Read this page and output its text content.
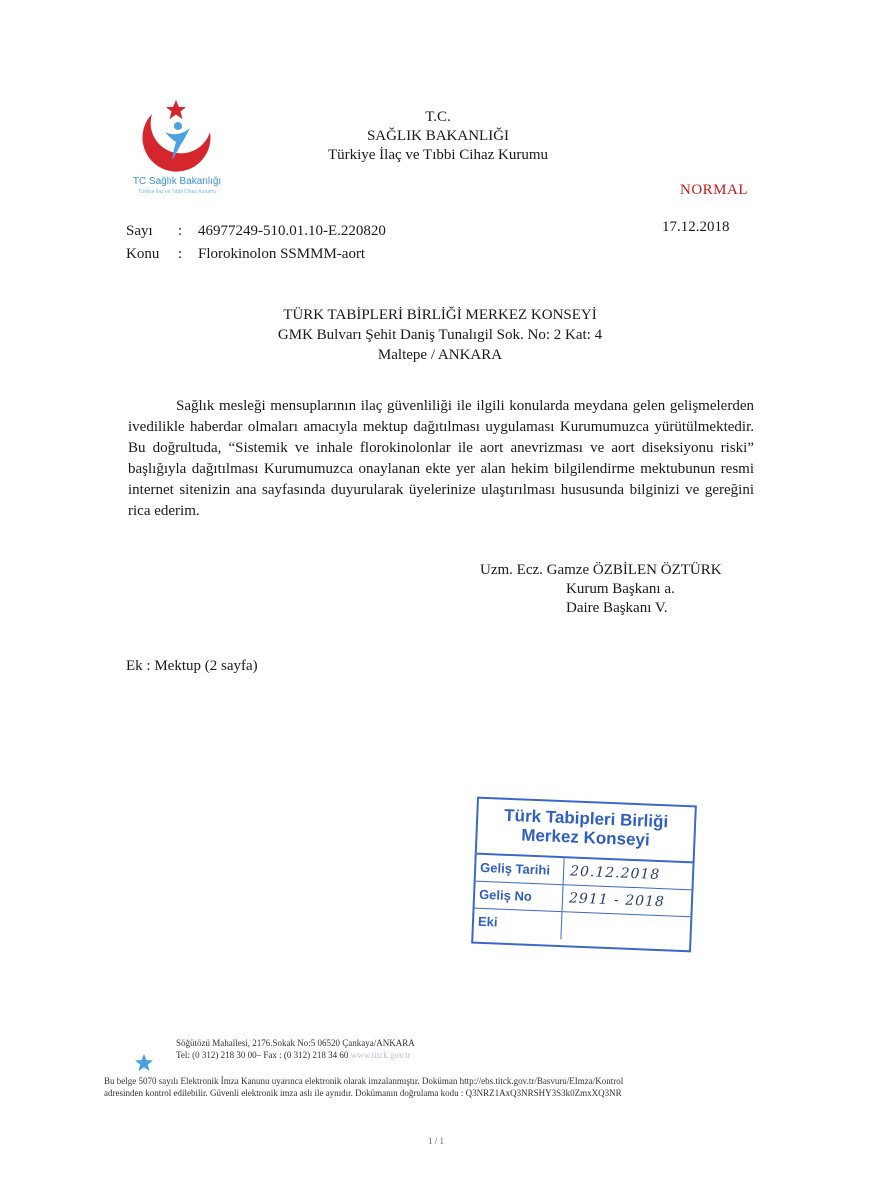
TC Sağlık Bakanlığı
Türkiye İlaç ve Tıbbi Cihaz Kurumu
T.C.
SAĞLIK BAKANLIĞI
Türkiye İlaç ve Tıbbi Cihaz Kurumu
NORMAL
Sayı : 46977249-510.01.10-E.220820	17.12.2018
Konu : Florokinolon SSMMM-aort
TÜRK TABİPLERİ BİRLİĞİ MERKEZ KONSEYİ
GMK Bulvarı Şehit Daniş Tunalıgil Sok. No: 2 Kat: 4
Maltepe / ANKARA
Sağlık mesleği mensuplarının ilaç güvenliliği ile ilgili konularda meydana gelen gelişmelerden ivedilikle haberdar olmaları amacıyla mektup dağıtılması uygulaması Kurumumuzca yürütülmektedir. Bu doğrultuda, “Sistemik ve inhale florokinolonlar ile aort anevrizması ve aort diseksiyonu riski” başlığıyla dağıtılması Kurumumuzca onaylanan ekte yer alan hekim bilgilendirme mektubunun resmi internet sitenizin ana sayfasında duyurularak üyelerinize ulaştırılması hususunda bilginizi ve gereğini rica ederim.
Uzm. Ecz. Gamze ÖZBİLEN ÖZTÜRK
Kurum Başkanı a.
Daire Başkanı V.
Ek : Mektup (2 sayfa)
Türk Tabipleri Birliği
Merkez Konseyi
Geliş Tarihi	20.12.2018
Geliş No	2911 - 2018
Eki
Söğütözü Mahallesi, 2176.Sokak No:5 06520 Çankaya/ANKARA
Tel: (0 312) 218 30 00– Fax : (0 312) 218 34 60 www.titck.gov.tr
Bu belge 5070 sayılı Elektronik İmza Kanunu uyarınca elektronik olarak imzalanmıştır. Doküman http://ebs.titck.gov.tr/Basvuru/EImza/Kontrol
adresinden kontrol edilebilir. Güvenli elektronik imza aslı ile aynıdır. Dokümanın doğrulama kodu : Q3NRZ1AxQ3NRSHY3S3k0ZmxXQ3NR
1 / 1
